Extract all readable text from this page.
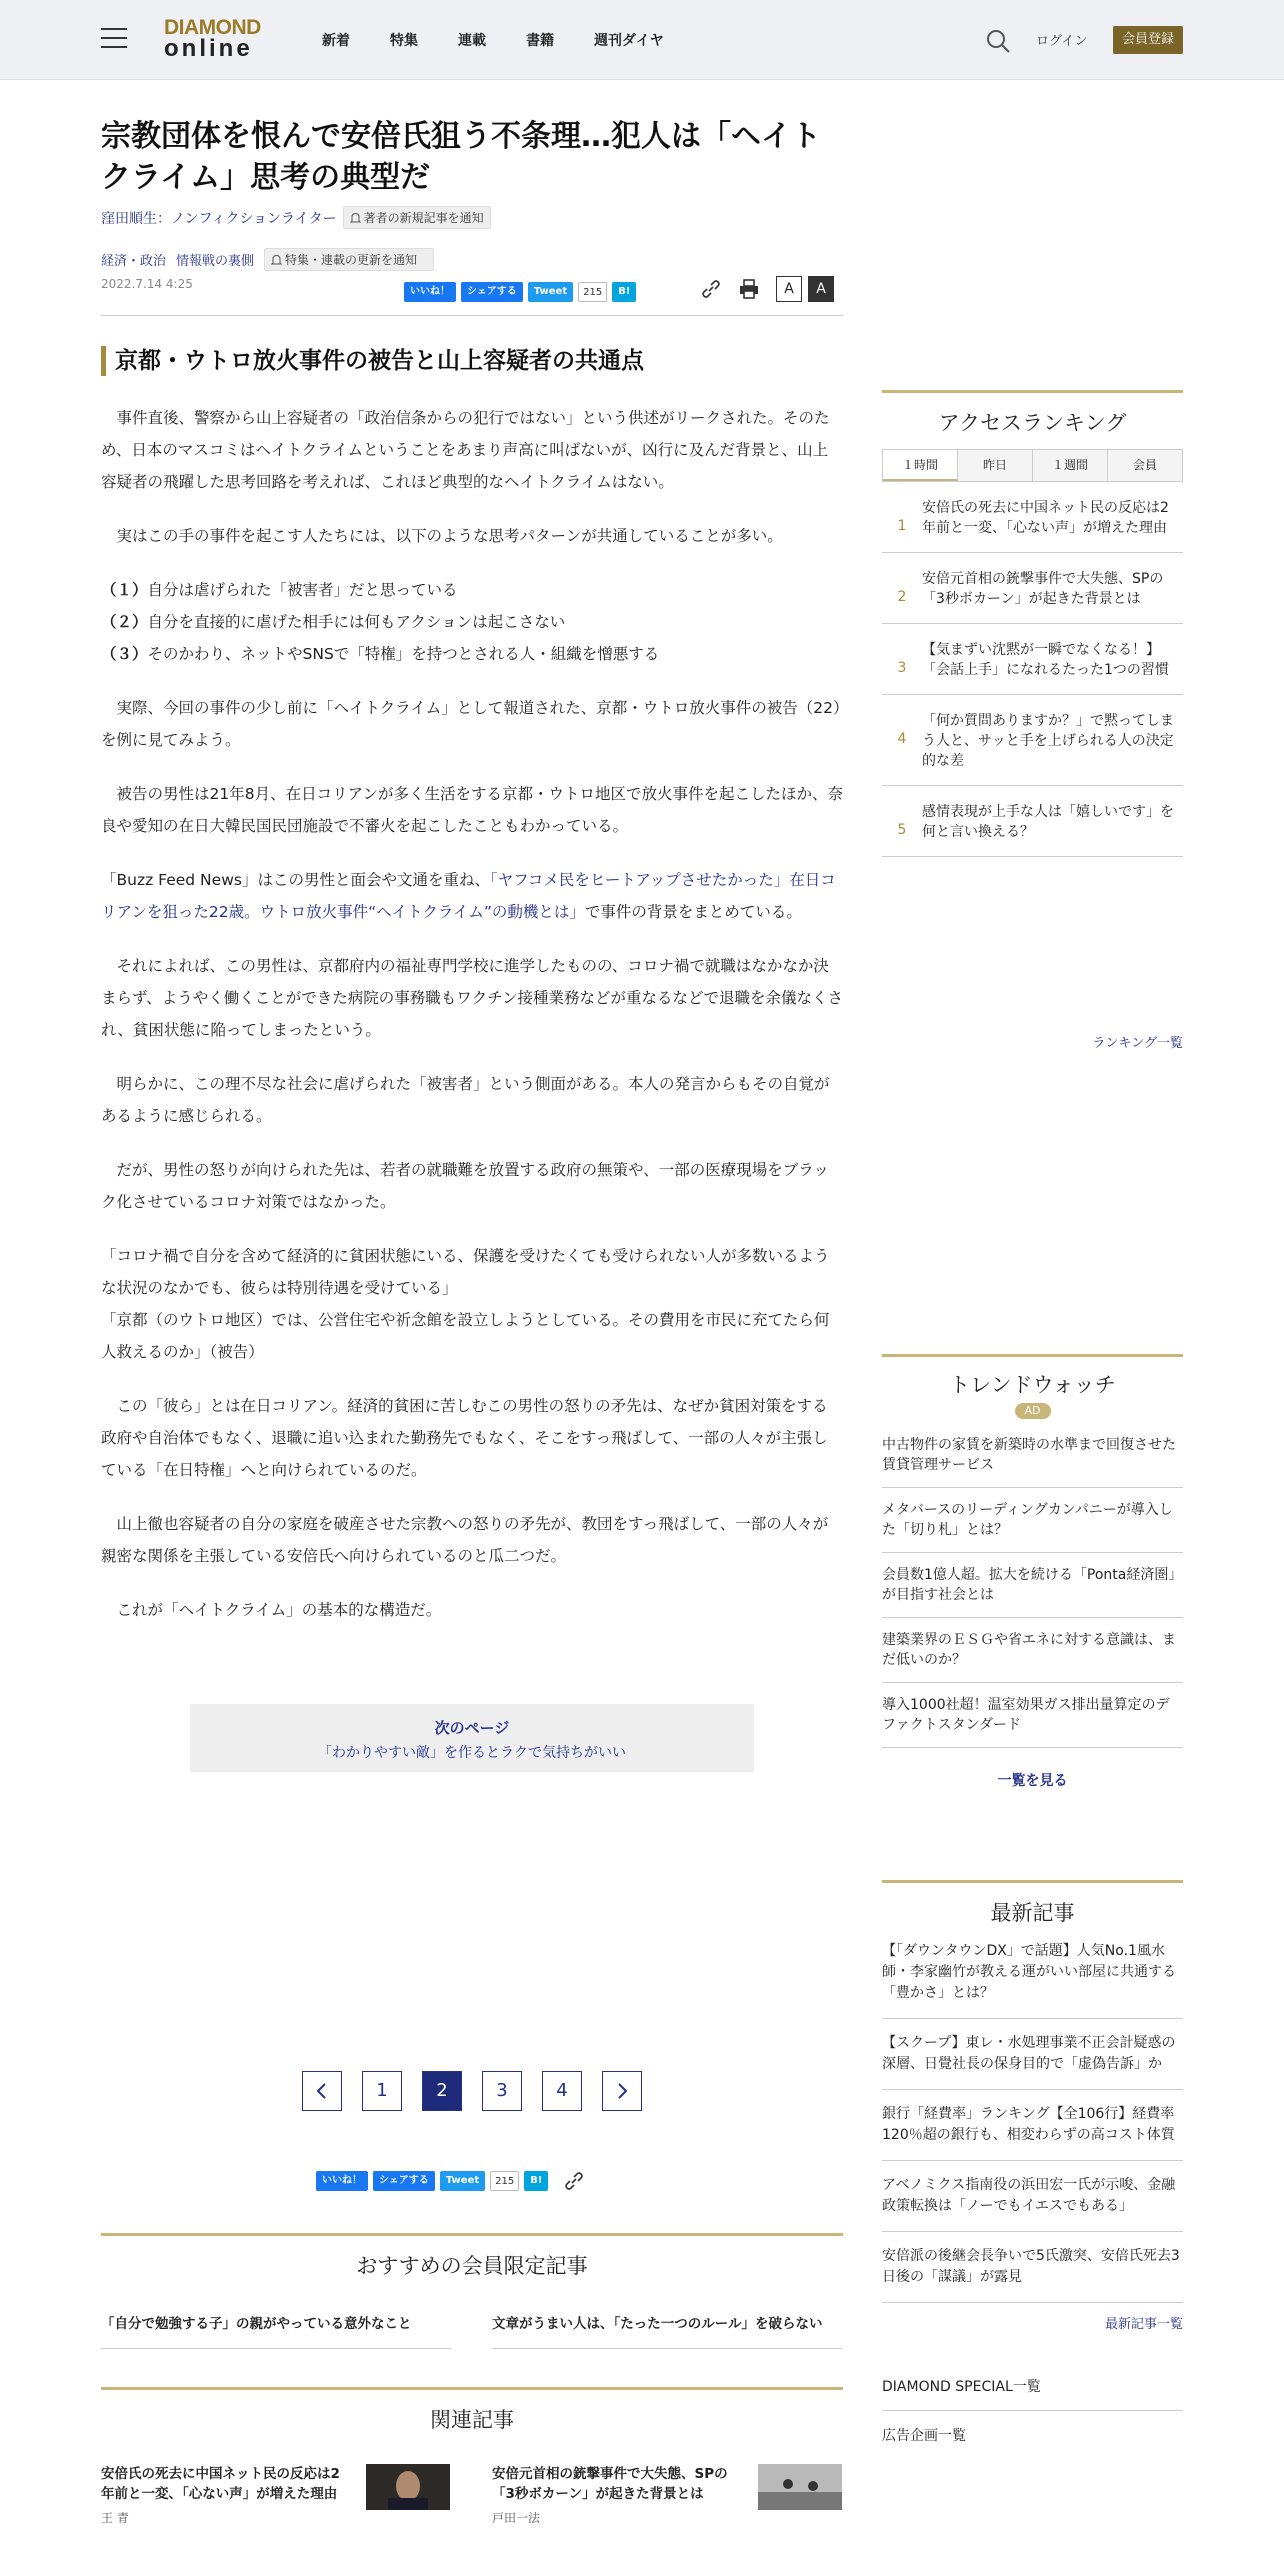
DIAMOND
online	新着	特集	連載	書籍	週刊ダイヤ	ログイン	会員登録
宗教団体を恨んで安倍氏狙う不条理…犯人は「ヘイトクライム」思考の典型だ
窪田順生：ノンフィクションライター 著者の新規記事を通知
経済・政治 情報戦の裏側	特集・連載の更新を通知
2022.7.14 4:25
いいね！	シェアする	Tweet	215	B!	A	A
京都・ウトロ放火事件の被告と山上容疑者の共通点

事件直後、警察から山上容疑者の「政治信条からの犯行ではない」という供述がリークされた。そのため、日本のマスコミはヘイトクライムということをあまり声高に叫ばないが、凶行に及んだ背景と、山上容疑者の飛躍した思考回路を考えれば、これほど典型的なヘイトクライムはない。

実はこの手の事件を起こす人たちには、以下のような思考パターンが共通していることが多い。

（１）自分は虐げられた「被害者」だと思っている

（２）自分を直接的に虐げた相手には何もアクションは起こさない

（３）そのかわり、ネットやSNSで「特権」を持つとされる人・組織を憎悪する

実際、今回の事件の少し前に「ヘイトクライム」として報道された、京都・ウトロ放火事件の被告（22）を例に見てみよう。

被告の男性は21年8月、在日コリアンが多く生活をする京都・ウトロ地区で放火事件を起こしたほか、奈良や愛知の在日大韓民国民団施設で不審火を起こしたこともわかっている。

「Buzz Feed News」はこの男性と面会や文通を重ね、「ヤフコメ民をヒートアップさせたかった」在日コリアンを狙った22歳。ウトロ放火事件“ヘイトクライム”の動機とは」で事件の背景をまとめている。

それによれば、この男性は、京都府内の福祉専門学校に進学したものの、コロナ禍で就職はなかなか決まらず、ようやく働くことができた病院の事務職もワクチン接種業務などが重なるなどで退職を余儀なくされ、貧困状態に陥ってしまったという。

明らかに、この理不尽な社会に虐げられた「被害者」という側面がある。本人の発言からもその自覚があるように感じられる。

だが、男性の怒りが向けられた先は、若者の就職難を放置する政府の無策や、一部の医療現場をブラック化させているコロナ対策ではなかった。

「コロナ禍で自分を含めて経済的に貧困状態にいる、保護を受けたくても受けられない人が多数いるような状況のなかでも、彼らは特別待遇を受けている」
「京都（のウトロ地区）では、公営住宅や祈念館を設立しようとしている。その費用を市民に充てたら何人救えるのか」（被告）

この「彼ら」とは在日コリアン。経済的貧困に苦しむこの男性の怒りの矛先は、なぜか貧困対策をする政府や自治体でもなく、退職に追い込まれた勤務先でもなく、そこをすっ飛ばして、一部の人々が主張している「在日特権」へと向けられているのだ。

山上徹也容疑者の自分の家庭を破産させた宗教への怒りの矛先が、教団をすっ飛ばして、一部の人々が親密な関係を主張している安倍氏へ向けられているのと瓜二つだ。

これが「ヘイトクライム」の基本的な構造だ。

次のページ
「わかりやすい敵」を作るとラクで気持ちがいい
1	2	3	4
いいね！	シェアする	Tweet	215	B!
おすすめの会員限定記事
「自分で勉強する子」の親がやっている意外なこと	文章がうまい人は、「たった一つのルール」を破らない
関連記事
安倍氏の死去に中国ネット民の反応は2年前と一変、「心ない声」が増えた理由
王 青
安倍元首相の銃撃事件で大失態、SPの「3秒ボカーン」が起きた背景とは
戸田一法
アクセスランキング
１時間	昨日	１週間	会員
1
安倍氏の死去に中国ネット民の反応は2年前と一変、「心ない声」が増えた理由
2
安倍元首相の銃撃事件で大失態、SPの「3秒ボカーン」が起きた背景とは
3
【気まずい沈黙が一瞬でなくなる！】「会話上手」になれるたった1つの習慣
4
「何か質問ありますか？」で黙ってしまう人と、サッと手を上げられる人の決定的な差
5
感情表現が上手な人は「嬉しいです」を何と言い換える？
ランキング一覧
トレンドウォッチ
AD
中古物件の家賃を新築時の水準まで回復させた賃貸管理サービス
メタバースのリーディングカンパニーが導入した「切り札」とは？
会員数1億人超。拡大を続ける「Ponta経済圏」が目指す社会とは
建築業界のＥＳＧや省エネに対する意識は、まだ低いのか？
導入1000社超！温室効果ガス排出量算定のデファクトスタンダード
一覧を見る
最新記事
【「ダウンタウンDX」で話題】人気No.1風水師・李家幽竹が教える運がいい部屋に共通する「豊かさ」とは？
【スクープ】東レ・水処理事業不正会計疑惑の深層、日覺社長の保身目的で「虚偽告訴」か
銀行「経費率」ランキング【全106行】経費率120％超の銀行も、相変わらずの高コスト体質
アベノミクス指南役の浜田宏一氏が示唆、金融政策転換は「ノーでもイエスでもある」
安倍派の後継会長争いで5氏激突、安倍氏死去3日後の「謀議」が露見
最新記事一覧
DIAMOND SPECIAL一覧
広告企画一覧
